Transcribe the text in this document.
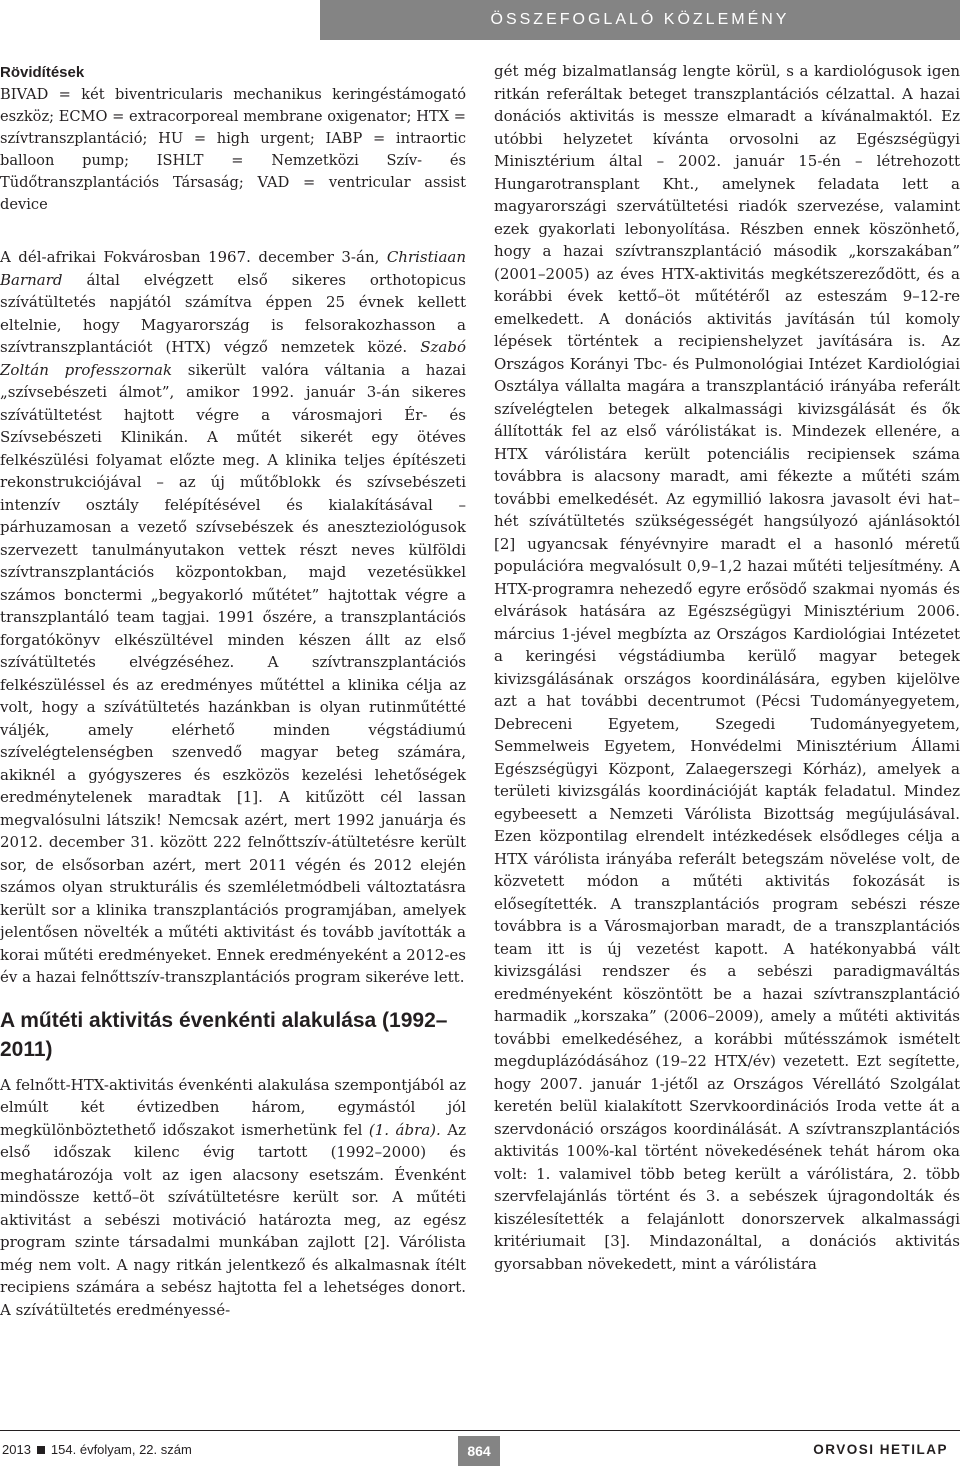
ÖSSZEFOGLALÓ KÖZLEMÉNY

Rövidítések

BIVAD = két biventricularis mechanikus keringéstámogató eszköz; ECMO = extracorporeal membrane oxigenator; HTX = szívtranszplantáció; HU = high urgent; IABP = intraortic balloon pump; ISHLT = Nemzetközi Szív- és Tüdőtranszplantációs Társaság; VAD = ventricular assist device

A dél-afrikai Fokvárosban 1967. december 3-án, Christiaan Barnard által elvégzett első sikeres orthotopicus szívátültetés napjától számítva éppen 25 évnek kellett eltelnie, hogy Magyarország is felsorakozhasson a szívtranszplantációt (HTX) végző nemzetek közé. Szabó Zoltán professzornak sikerült valóra váltania a hazai „szívsebészeti álmot”, amikor 1992. január 3-án sikeres szívátültetést hajtott végre a városmajori Ér- és Szívsebészeti Klinikán. A műtét sikerét egy ötéves felkészülési folyamat előzte meg. A klinika teljes építészeti rekonstrukciójával – az új műtőblokk és szívsebészeti intenzív osztály felépítésével és kialakításával – párhuzamosan a vezető szívsebészek és aneszteziológusok szervezett tanulmányutakon vettek részt neves külföldi szívtranszplantációs központokban, majd vezetésükkel számos bonctermi „begyakorló műtétet” hajtottak végre a transzplantáló team tagjai. 1991 őszére, a transzplantációs forgatókönyv elkészültével minden készen állt az első szívátültetés elvégzéséhez. A szívtranszplantációs felkészüléssel és az eredményes műtéttel a klinika célja az volt, hogy a szívátültetés hazánkban is olyan rutinműtétté váljék, amely elérhető minden végstádiumú szívelégtelenségben szenvedő magyar beteg számára, akiknél a gyógyszeres és eszközös kezelési lehetőségek eredménytelenek maradtak [1]. A kitűzött cél lassan megvalósulni látszik! Nemcsak azért, mert 1992 januárja és 2012. december 31. között 222 felnőttszív-átültetésre került sor, de elsősorban azért, mert 2011 végén és 2012 elején számos olyan strukturális és szemléletmódbeli változtatásra került sor a klinika transzplantációs programjában, amelyek jelentősen növelték a műtéti aktivitást és tovább javították a korai műtéti eredményeket. Ennek eredményeként a 2012-es év a hazai felnőttszív-transzplantációs program sikeréve lett.

A műtéti aktivitás évenkénti alakulása (1992–2011)

A felnőtt-HTX-aktivitás évenkénti alakulása szempontjából az elmúlt két évtizedben három, egymástól jól megkülönböztethető időszakot ismerhetünk fel (1. ábra). Az első időszak kilenc évig tartott (1992–2000) és meghatározója volt az igen alacsony esetszám. Évenként mindössze kettő–öt szívátültetésre került sor. A műtéti aktivitást a sebészi motiváció határozta meg, az egész program szinte társadalmi munkában zajlott [2]. Várólista még nem volt. A nagy ritkán jelentkező és alkalmasnak ítélt recipiens számára a sebész hajtotta fel a lehetséges donort. A szívátültetés eredményessé-

gét még bizalmatlanság lengte körül, s a kardiológusok igen ritkán referáltak beteget transzplantációs célzattal. A hazai donációs aktivitás is messze elmaradt a kívánalmaktól. Ez utóbbi helyzetet kívánta orvosolni az Egészségügyi Minisztérium által – 2002. január 15-én – létrehozott Hungarotransplant Kht., amelynek feladata lett a magyarországi szervátültetési riadók szervezése, valamint ezek gyakorlati lebonyolítása. Részben ennek köszönhető, hogy a hazai szívtranszplantáció második „korszakában” (2001–2005) az éves HTX-aktivitás megkétszereződött, és a korábbi évek kettő–öt műtétéről az esteszám 9–12-re emelkedett. A donációs aktivitás javításán túl komoly lépések történtek a recipienshelyzet javítására is. Az Országos Korányi Tbc- és Pulmonológiai Intézet Kardiológiai Osztálya vállalta magára a transzplantáció irányába referált szívelégtelen betegek alkalmassági kivizsgálását és ők állították fel az első várólistákat is. Mindezek ellenére, a HTX várólistára került potenciális recipiensek száma továbbra is alacsony maradt, ami fékezte a műtéti szám további emelkedését. Az egymillió lakosra javasolt évi hat–hét szívátültetés szükségességét hangsúlyozó ajánlásoktól [2] ugyancsak fényévnyire maradt el a hasonló méretű populációra megvalósult 0,9–1,2 hazai műtéti teljesítmény. A HTX-programra nehezedő egyre erősödő szakmai nyomás és elvárások hatására az Egészségügyi Minisztérium 2006. március 1-jével megbízta az Országos Kardiológiai Intézetet a keringési végstádiumba kerülő magyar betegek kivizsgálásának országos koordinálására, egyben kijelölve azt a hat további decentrumot (Pécsi Tudományegyetem, Debreceni Egyetem, Szegedi Tudományegyetem, Semmelweis Egyetem, Honvédelmi Minisztérium Állami Egészségügyi Központ, Zalaegerszegi Kórház), amelyek a területi kivizsgálás koordinációját kapták feladatul. Mindez egybeesett a Nemzeti Várólista Bizottság megújulásával. Ezen központilag elrendelt intézkedések elsődleges célja a HTX várólista irányába referált betegszám növelése volt, de közvetett módon a műtéti aktivitás fokozását is elősegítették. A transzplantációs program sebészi része továbbra is a Városmajorban maradt, de a transzplantációs team itt is új vezetést kapott. A hatékonyabbá vált kivizsgálási rendszer és a sebészi paradigmaváltás eredményeként köszöntött be a hazai szívtranszplantáció harmadik „korszaka” (2006–2009), amely a műtéti aktivitás további emelkedéséhez, a korábbi műtésszámok ismételt megduplázódásához (19–22 HTX/év) vezetett. Ezt segítette, hogy 2007. január 1-jétől az Országos Vérellátó Szolgálat keretén belül kialakított Szervkoordinációs Iroda vette át a szervdonáció országos koordinálását. A szívtranszplantációs aktivitás 100%-kal történt növekedésének tehát három oka volt: 1. valamivel több beteg került a várólistára, 2. több szervfelajánlás történt és 3. a sebészek újragondolták és kiszélesítették a felajánlott donorszervek alkalmassági kritériumait [3]. Mindazonáltal, a donációs aktivitás gyorsabban növekedett, mint a várólistára

2013 154. évfolyam, 22. szám	864	ORVOSI HETILAP
